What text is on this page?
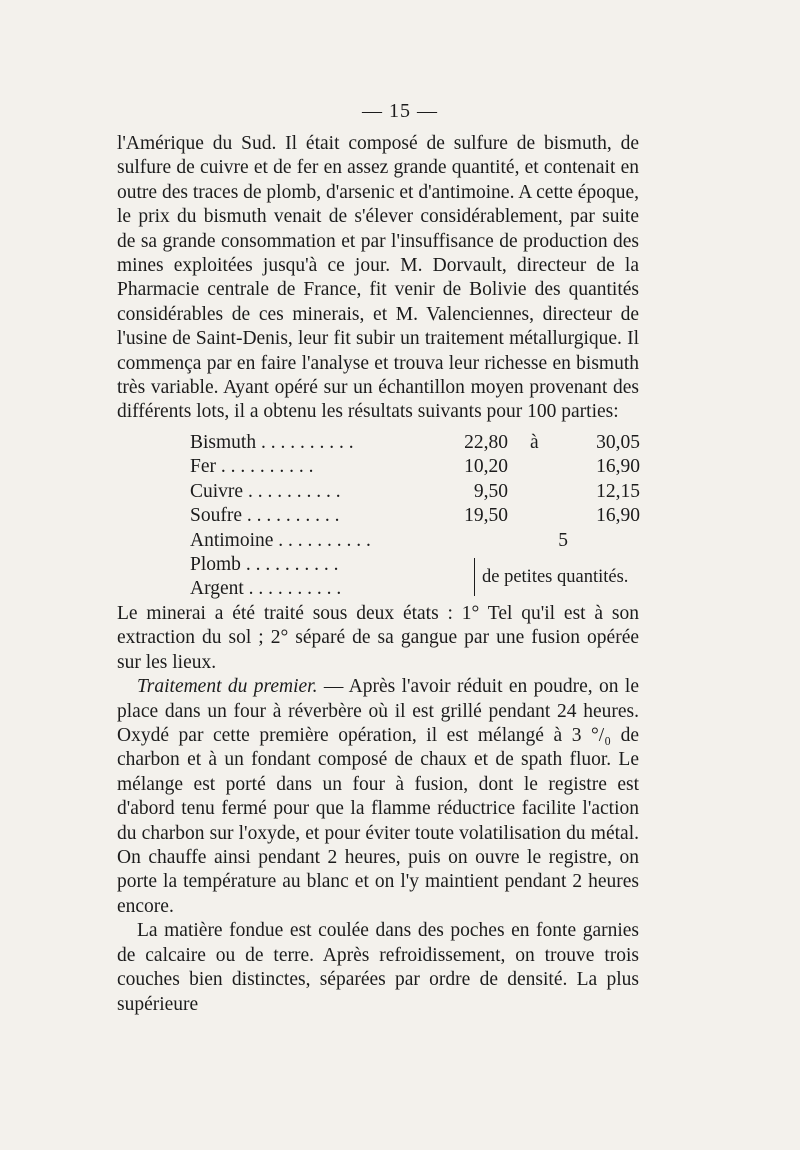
— 15 —

l'Amérique du Sud. Il était composé de sulfure de bismuth, de sulfure de cuivre et de fer en assez grande quantité, et contenait en outre des traces de plomb, d'arsenic et d'antimoine. A cette époque, le prix du bismuth venait de s'élever considérablement, par suite de sa grande consommation et par l'insuffisance de production des mines exploitées jusqu'à ce jour. M. Dorvault, directeur de la Pharmacie centrale de France, fit venir de Bolivie des quantités considérables de ces minerais, et M. Valenciennes, directeur de l'usine de Saint-Denis, leur fit subir un traitement métallurgique. Il commença par en faire l'analyse et trouva leur richesse en bismuth très variable. Ayant opéré sur un échantillon moyen provenant des différents lots, il a obtenu les résultats suivants pour 100 parties:

Bismuth . . . . . . . . . .	22,80 à	30,05
Fer . . . . . . . . . .	10,20	16,90
Cuivre . . . . . . . . . .	9,50	12,15
Soufre . . . . . . . . . .	19,50	16,90
Antimoine . . . . . . . . . .	5
Plomb . . . . . . . . . .
Argent . . . . . . . . . .
de petites quantités.

Le minerai a été traité sous deux états : 1° Tel qu'il est à son extraction du sol ; 2° séparé de sa gangue par une fusion opérée sur les lieux.

Traitement du premier. — Après l'avoir réduit en poudre, on le place dans un four à réverbère où il est grillé pendant 24 heures. Oxydé par cette première opération, il est mélangé à 3 °/₀ de charbon et à un fondant composé de chaux et de spath fluor. Le mélange est porté dans un four à fusion, dont le registre est d'abord tenu fermé pour que la flamme réductrice facilite l'action du charbon sur l'oxyde, et pour éviter toute volatilisation du métal. On chauffe ainsi pendant 2 heures, puis on ouvre le registre, on porte la température au blanc et on l'y maintient pendant 2 heures encore.

La matière fondue est coulée dans des poches en fonte garnies de calcaire ou de terre. Après refroidissement, on trouve trois couches bien distinctes, séparées par ordre de densité. La plus supérieure
